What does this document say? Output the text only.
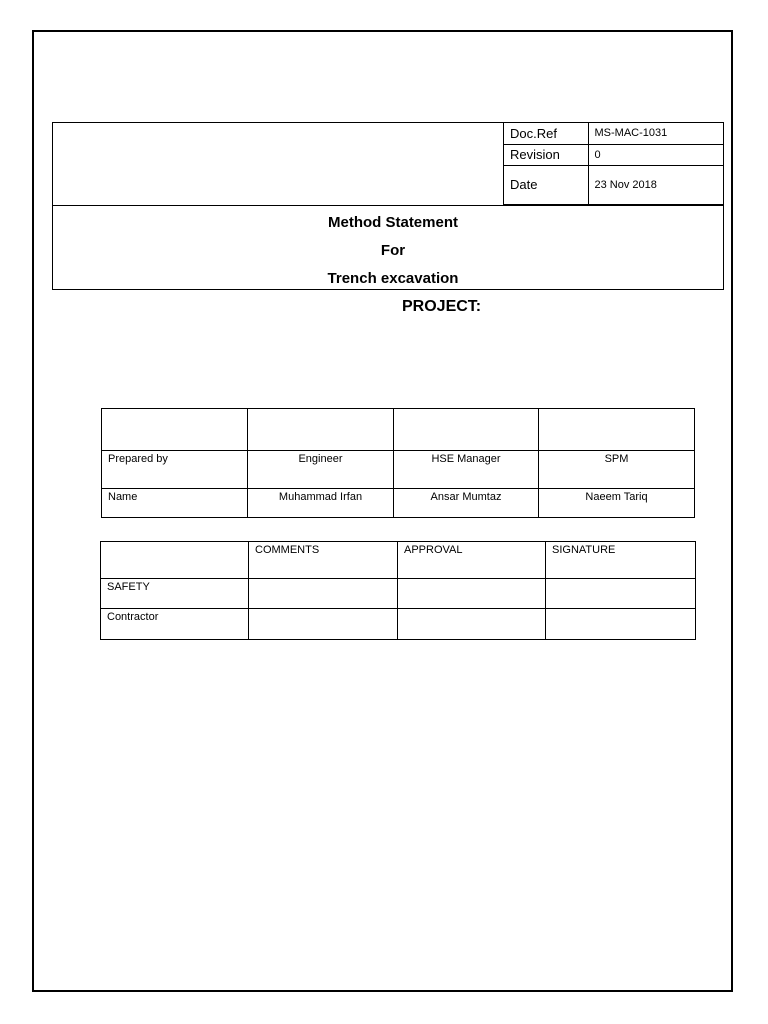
Doc.Ref	MS-MAC-1031
Revision	0
Date	23 Nov 2018
Method Statement
For
Trench excavation
PROJECT:

Prepared by	Engineer	HSE Manager	SPM
Name	Muhammad Irfan	Ansar Mumtaz	Naeem Tariq
	COMMENTS	APPROVAL	SIGNATURE
SAFETY			
Contractor			
